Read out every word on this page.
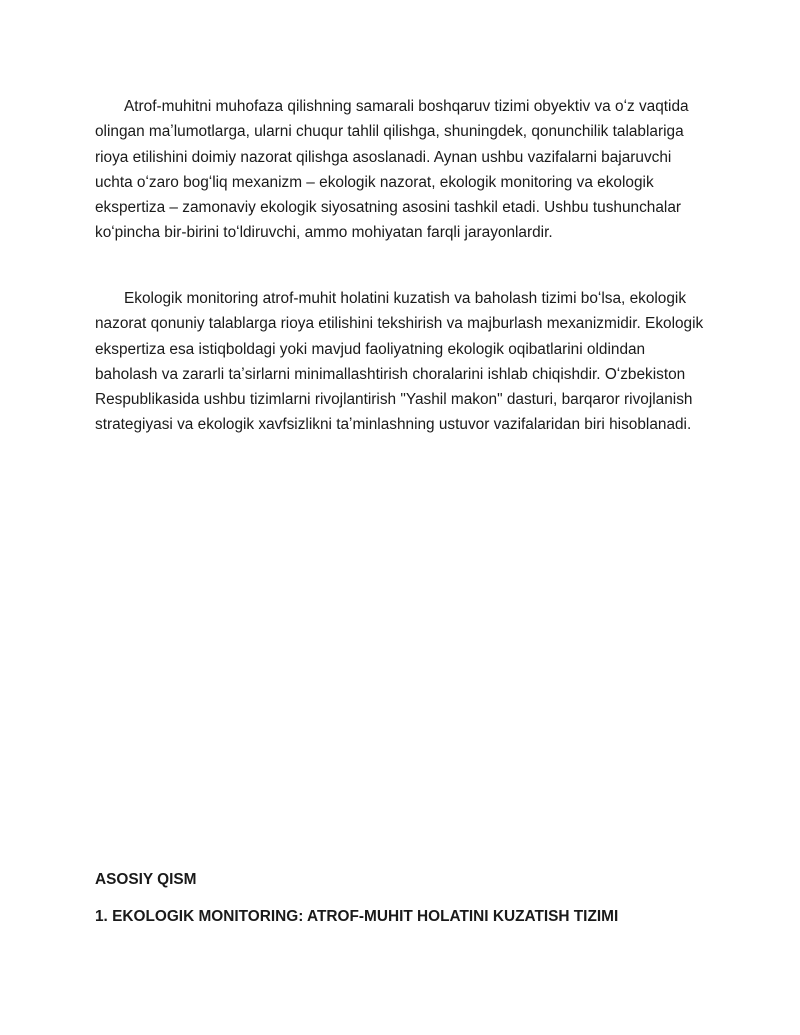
Atrof-muhitni muhofaza qilishning samarali boshqaruv tizimi obyektiv va oʻz vaqtida olingan maʼlumotlarga, ularni chuqur tahlil qilishga, shuningdek, qonunchilik talablariga rioya etilishini doimiy nazorat qilishga asoslanadi. Aynan ushbu vazifalarni bajaruvchi uchta oʻzaro bogʻliq mexanizm – ekologik nazorat, ekologik monitoring va ekologik ekspertiza – zamonaviy ekologik siyosatning asosini tashkil etadi. Ushbu tushunchalar koʻpincha bir-birini toʻldiruvchi, ammo mohiyatan farqli jarayonlardir.

Ekologik monitoring atrof-muhit holatini kuzatish va baholash tizimi boʻlsa, ekologik nazorat qonuniy talablarga rioya etilishini tekshirish va majburlash mexanizmidir. Ekologik ekspertiza esa istiqboldagi yoki mavjud faoliyatning ekologik oqibatlarini oldindan baholash va zararli taʼsirlarni minimallashtirish choralarini ishlab chiqishdir. Oʻzbekiston Respublikasida ushbu tizimlarni rivojlantirish "Yashil makon" dasturi, barqaror rivojlanish strategiyasi va ekologik xavfsizlikni taʼminlashning ustuvor vazifalaridan biri hisoblanadi.

ASOSIY QISM
1. EKOLOGIK MONITORING: ATROF-MUHIT HOLATINI KUZATISH TIZIMI
